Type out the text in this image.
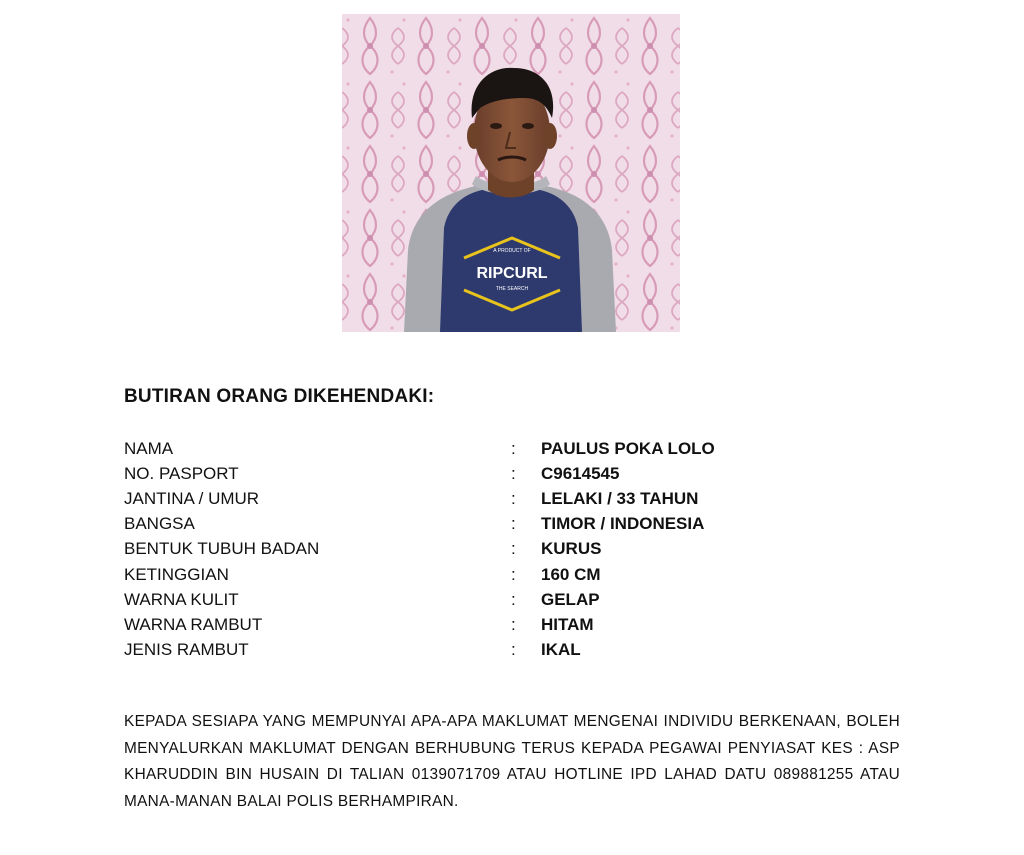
A PRODUCT OF
RIPCURL
THE SEARCH
BUTIRAN ORANG DIKEHENDAKI:
NAMA	:	PAULUS POKA LOLO
NO. PASPORT	:	C9614545
JANTINA / UMUR	:	LELAKI / 33 TAHUN
BANGSA	:	TIMOR / INDONESIA
BENTUK TUBUH BADAN	:	KURUS
KETINGGIAN	:	160 CM
WARNA KULIT	:	GELAP
WARNA RAMBUT	:	HITAM
JENIS RAMBUT	:	IKAL

KEPADA SESIAPA YANG MEMPUNYAI APA-APA MAKLUMAT MENGENAI INDIVIDU BERKENAAN, BOLEH MENYALURKAN MAKLUMAT DENGAN BERHUBUNG TERUS KEPADA PEGAWAI PENYIASAT KES : ASP KHARUDDIN BIN HUSAIN DI TALIAN 0139071709 ATAU HOTLINE IPD LAHAD DATU 089881255 ATAU MANA-MANAN BALAI POLIS BERHAMPIRAN.
